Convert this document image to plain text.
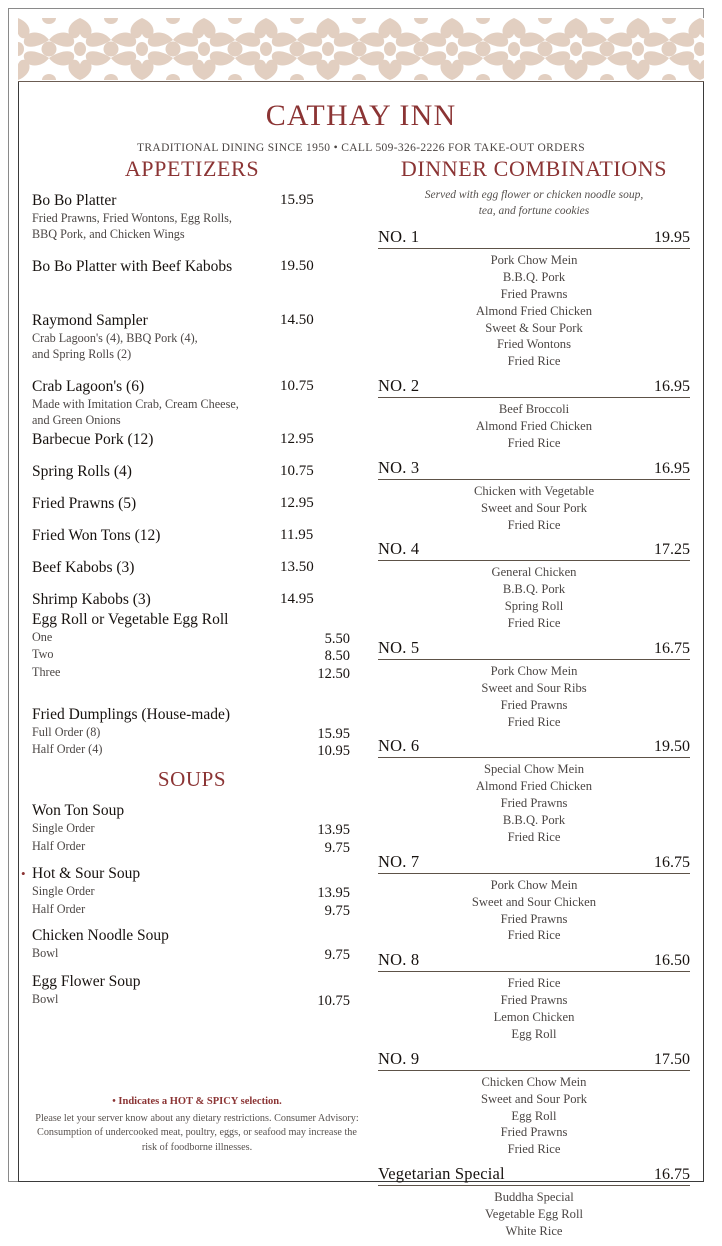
CATHAY INN
TRADITIONAL DINING SINCE 1950 • CALL 509-326-2226 FOR TAKE-OUT ORDERS
APPETIZERS
Bo Bo Platter	15.95
Fried Prawns, Fried Wontons, Egg Rolls,
BBQ Pork, and Chicken Wings
Bo Bo Platter with Beef Kabobs	19.50
Raymond Sampler	14.50
Crab Lagoon's (4), BBQ Pork (4),
and Spring Rolls (2)
Crab Lagoon's (6)	10.75
Made with Imitation Crab, Cream Cheese,
and Green Onions
Barbecue Pork (12)	12.95
Spring Rolls (4)	10.75
Fried Prawns (5)	12.95
Fried Won Tons (12)	11.95
Beef Kabobs (3)	13.50
Shrimp Kabobs (3)	14.95
Egg Roll or Vegetable Egg Roll
One	5.50
Two	8.50
Three	12.50
Fried Dumplings (House-made)
Full Order (8)	15.95
Half Order (4)	10.95
SOUPS
Won Ton Soup
Single Order	13.95
Half Order	9.75
• Hot & Sour Soup
Single Order	13.95
Half Order	9.75
Chicken Noodle Soup
Bowl	9.75
Egg Flower Soup
Bowl	10.75
DINNER COMBINATIONS
Served with egg flower or chicken noodle soup,
tea, and fortune cookies
NO. 1	19.95
Pork Chow Mein
B.B.Q. Pork
Fried Prawns
Almond Fried Chicken
Sweet & Sour Pork
Fried Wontons
Fried Rice
NO. 2	16.95
Beef Broccoli
Almond Fried Chicken
Fried Rice
NO. 3	16.95
Chicken with Vegetable
Sweet and Sour Pork
Fried Rice
NO. 4	17.25
General Chicken
B.B.Q. Pork
Spring Roll
Fried Rice
NO. 5	16.75
Pork Chow Mein
Sweet and Sour Ribs
Fried Prawns
Fried Rice
NO. 6	19.50
Special Chow Mein
Almond Fried Chicken
Fried Prawns
B.B.Q. Pork
Fried Rice
NO. 7	16.75
Pork Chow Mein
Sweet and Sour Chicken
Fried Prawns
Fried Rice
NO. 8	16.50
Fried Rice
Fried Prawns
Lemon Chicken
Egg Roll
NO. 9	17.50
Chicken Chow Mein
Sweet and Sour Pork
Egg Roll
Fried Prawns
Fried Rice
Vegetarian Special	16.75
Buddha Special
Vegetable Egg Roll
White Rice
• Indicates a HOT & SPICY selection.
Please let your server know about any dietary restrictions. Consumer Advisory: Consumption of undercooked meat, poultry, eggs, or seafood may increase the risk of foodborne illnesses.
